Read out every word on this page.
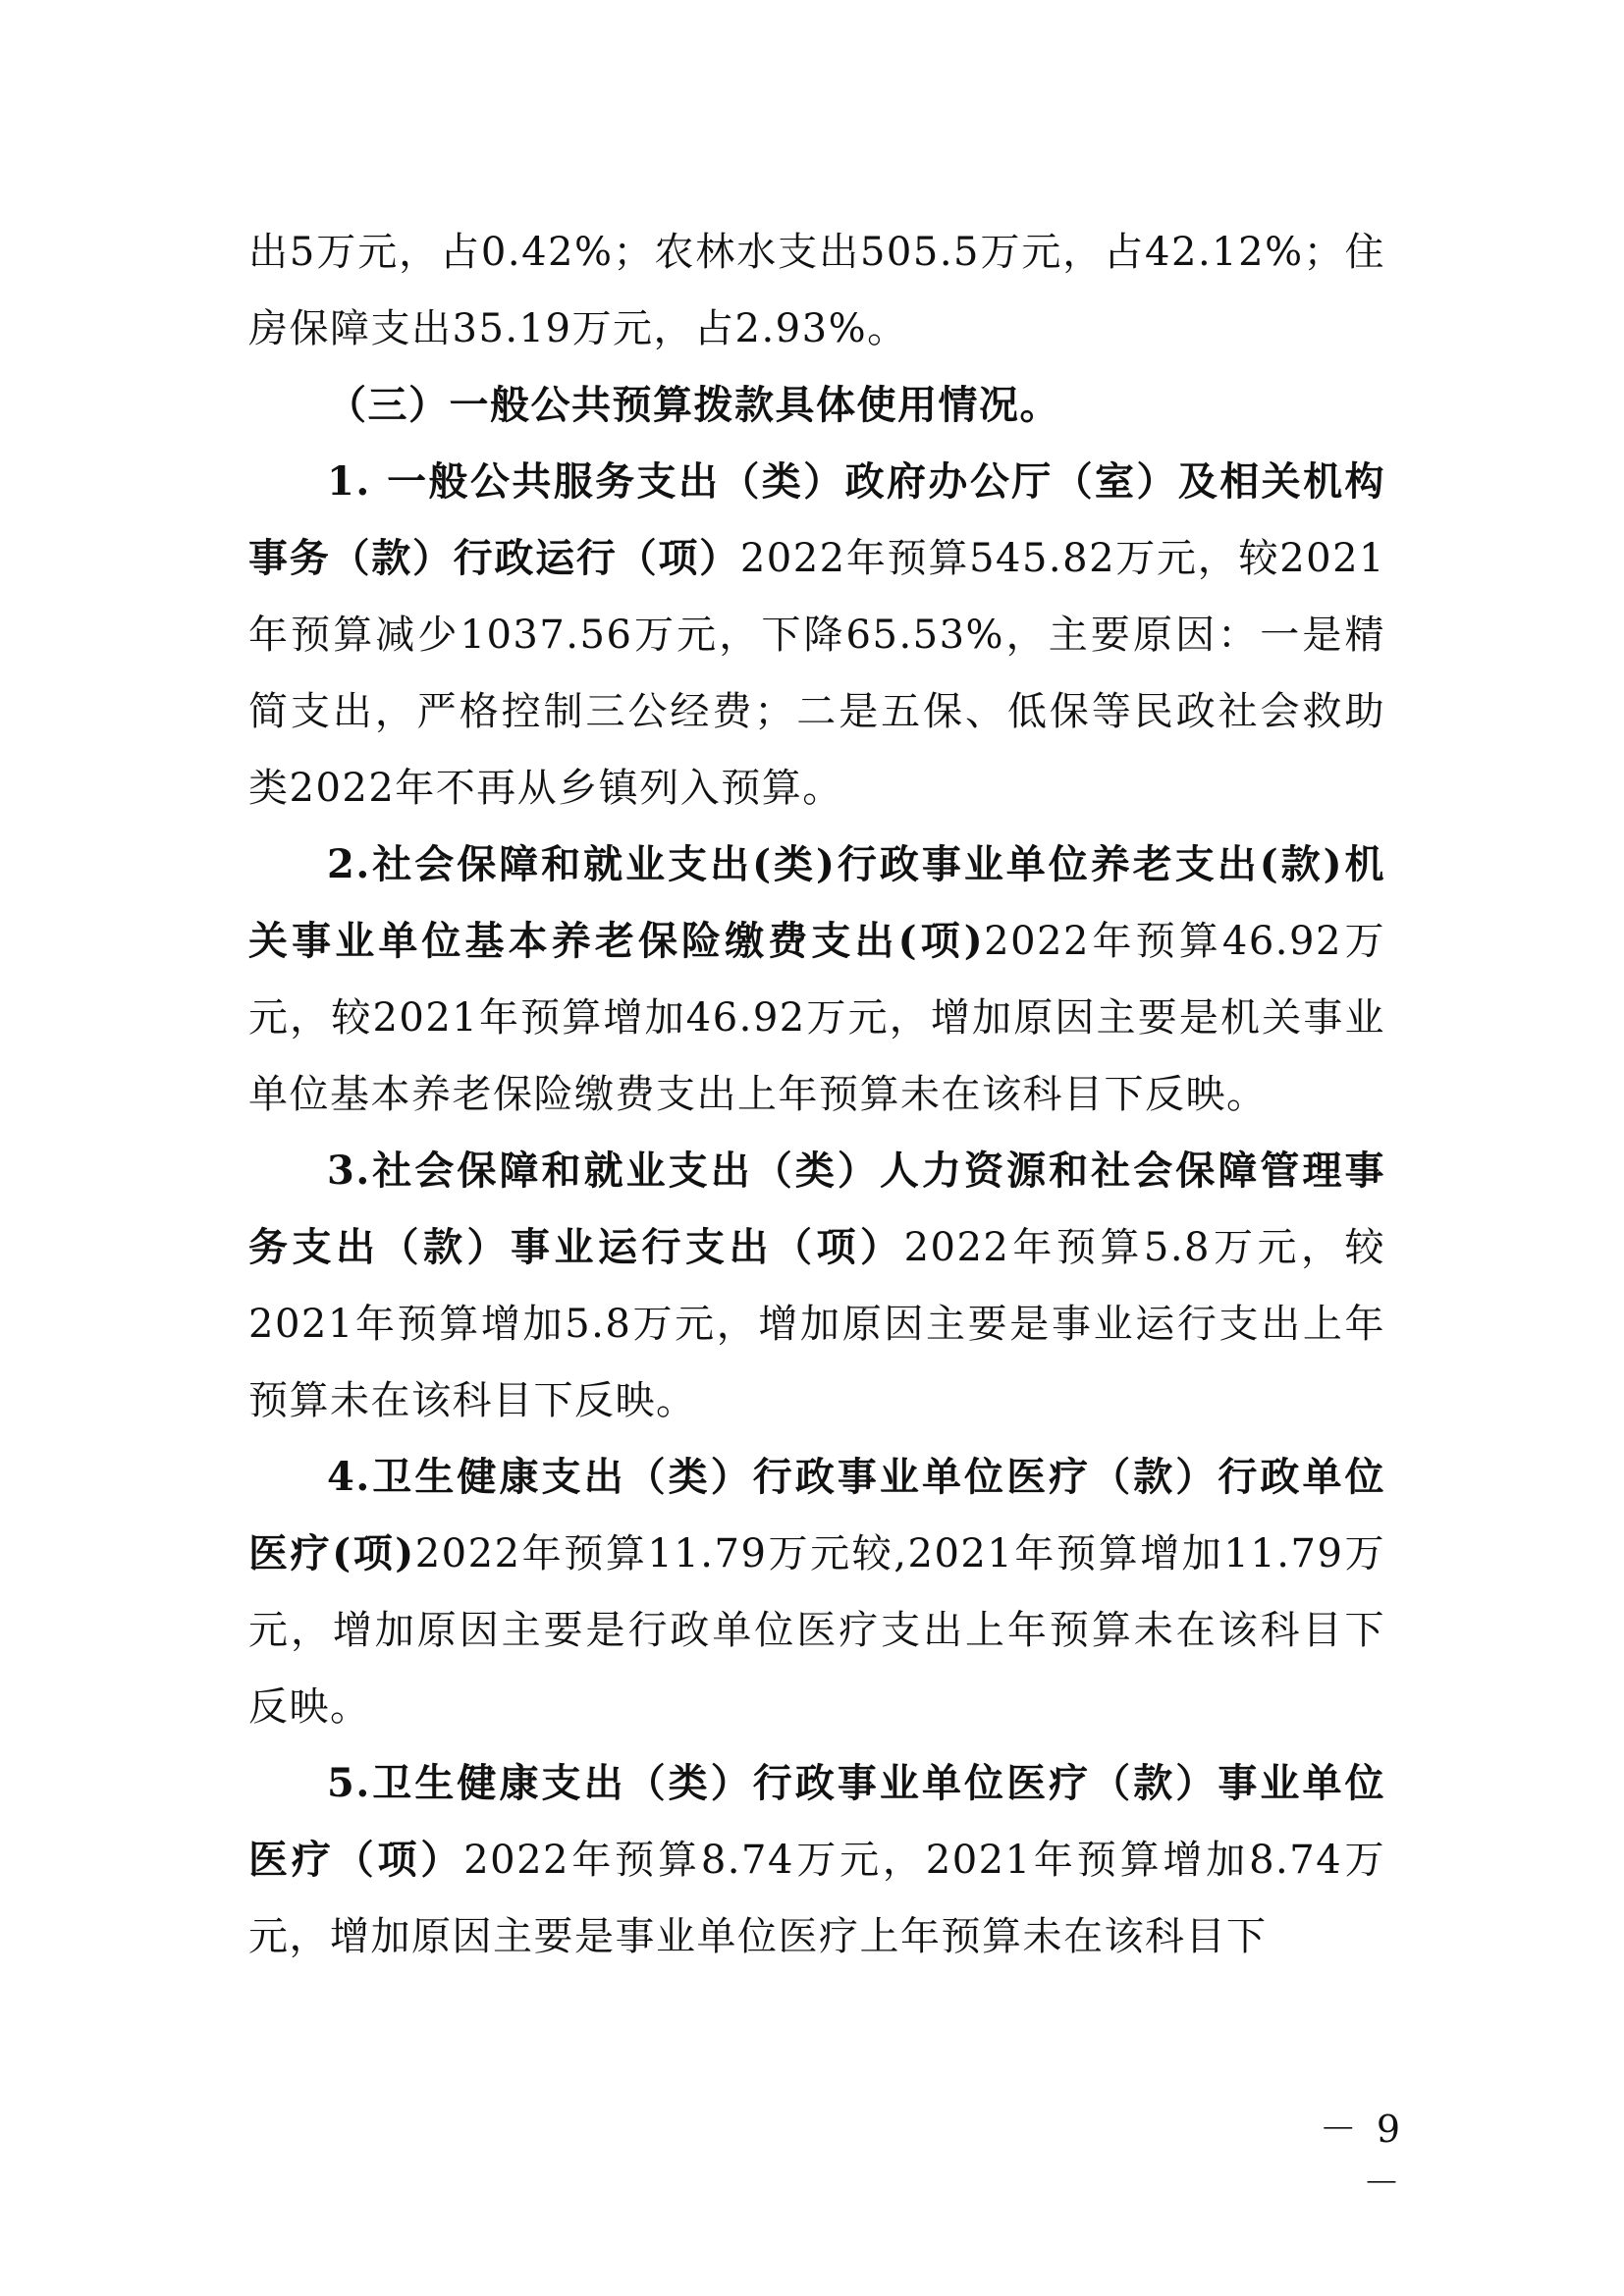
出5万元，占0.42%；农林水支出505.5万元，占42.12%；住房保障支出35.19万元，占2.93%。

（三）一般公共预算拨款具体使用情况。

1. 一般公共服务支出（类）政府办公厅（室）及相关机构事务（款）行政运行（项）2022年预算545.82万元，较2021年预算减少1037.56万元，下降65.53%，主要原因：一是精简支出，严格控制三公经费；二是五保、低保等民政社会救助类2022年不再从乡镇列入预算。

2.社会保障和就业支出(类)行政事业单位养老支出(款)机关事业单位基本养老保险缴费支出(项)2022年预算46.92万元，较2021年预算增加46.92万元，增加原因主要是机关事业单位基本养老保险缴费支出上年预算未在该科目下反映。

3.社会保障和就业支出（类）人力资源和社会保障管理事务支出（款）事业运行支出（项）2022年预算5.8万元，较2021年预算增加5.8万元，增加原因主要是事业运行支出上年预算未在该科目下反映。

4.卫生健康支出（类）行政事业单位医疗（款）行政单位医疗(项)2022年预算11.79万元较,2021年预算增加11.79万元，增加原因主要是行政单位医疗支出上年预算未在该科目下反映。

5.卫生健康支出（类）行政事业单位医疗（款）事业单位医疗（项）2022年预算8.74万元，2021年预算增加8.74万元，增加原因主要是事业单位医疗上年预算未在该科目下

－ 9 －
